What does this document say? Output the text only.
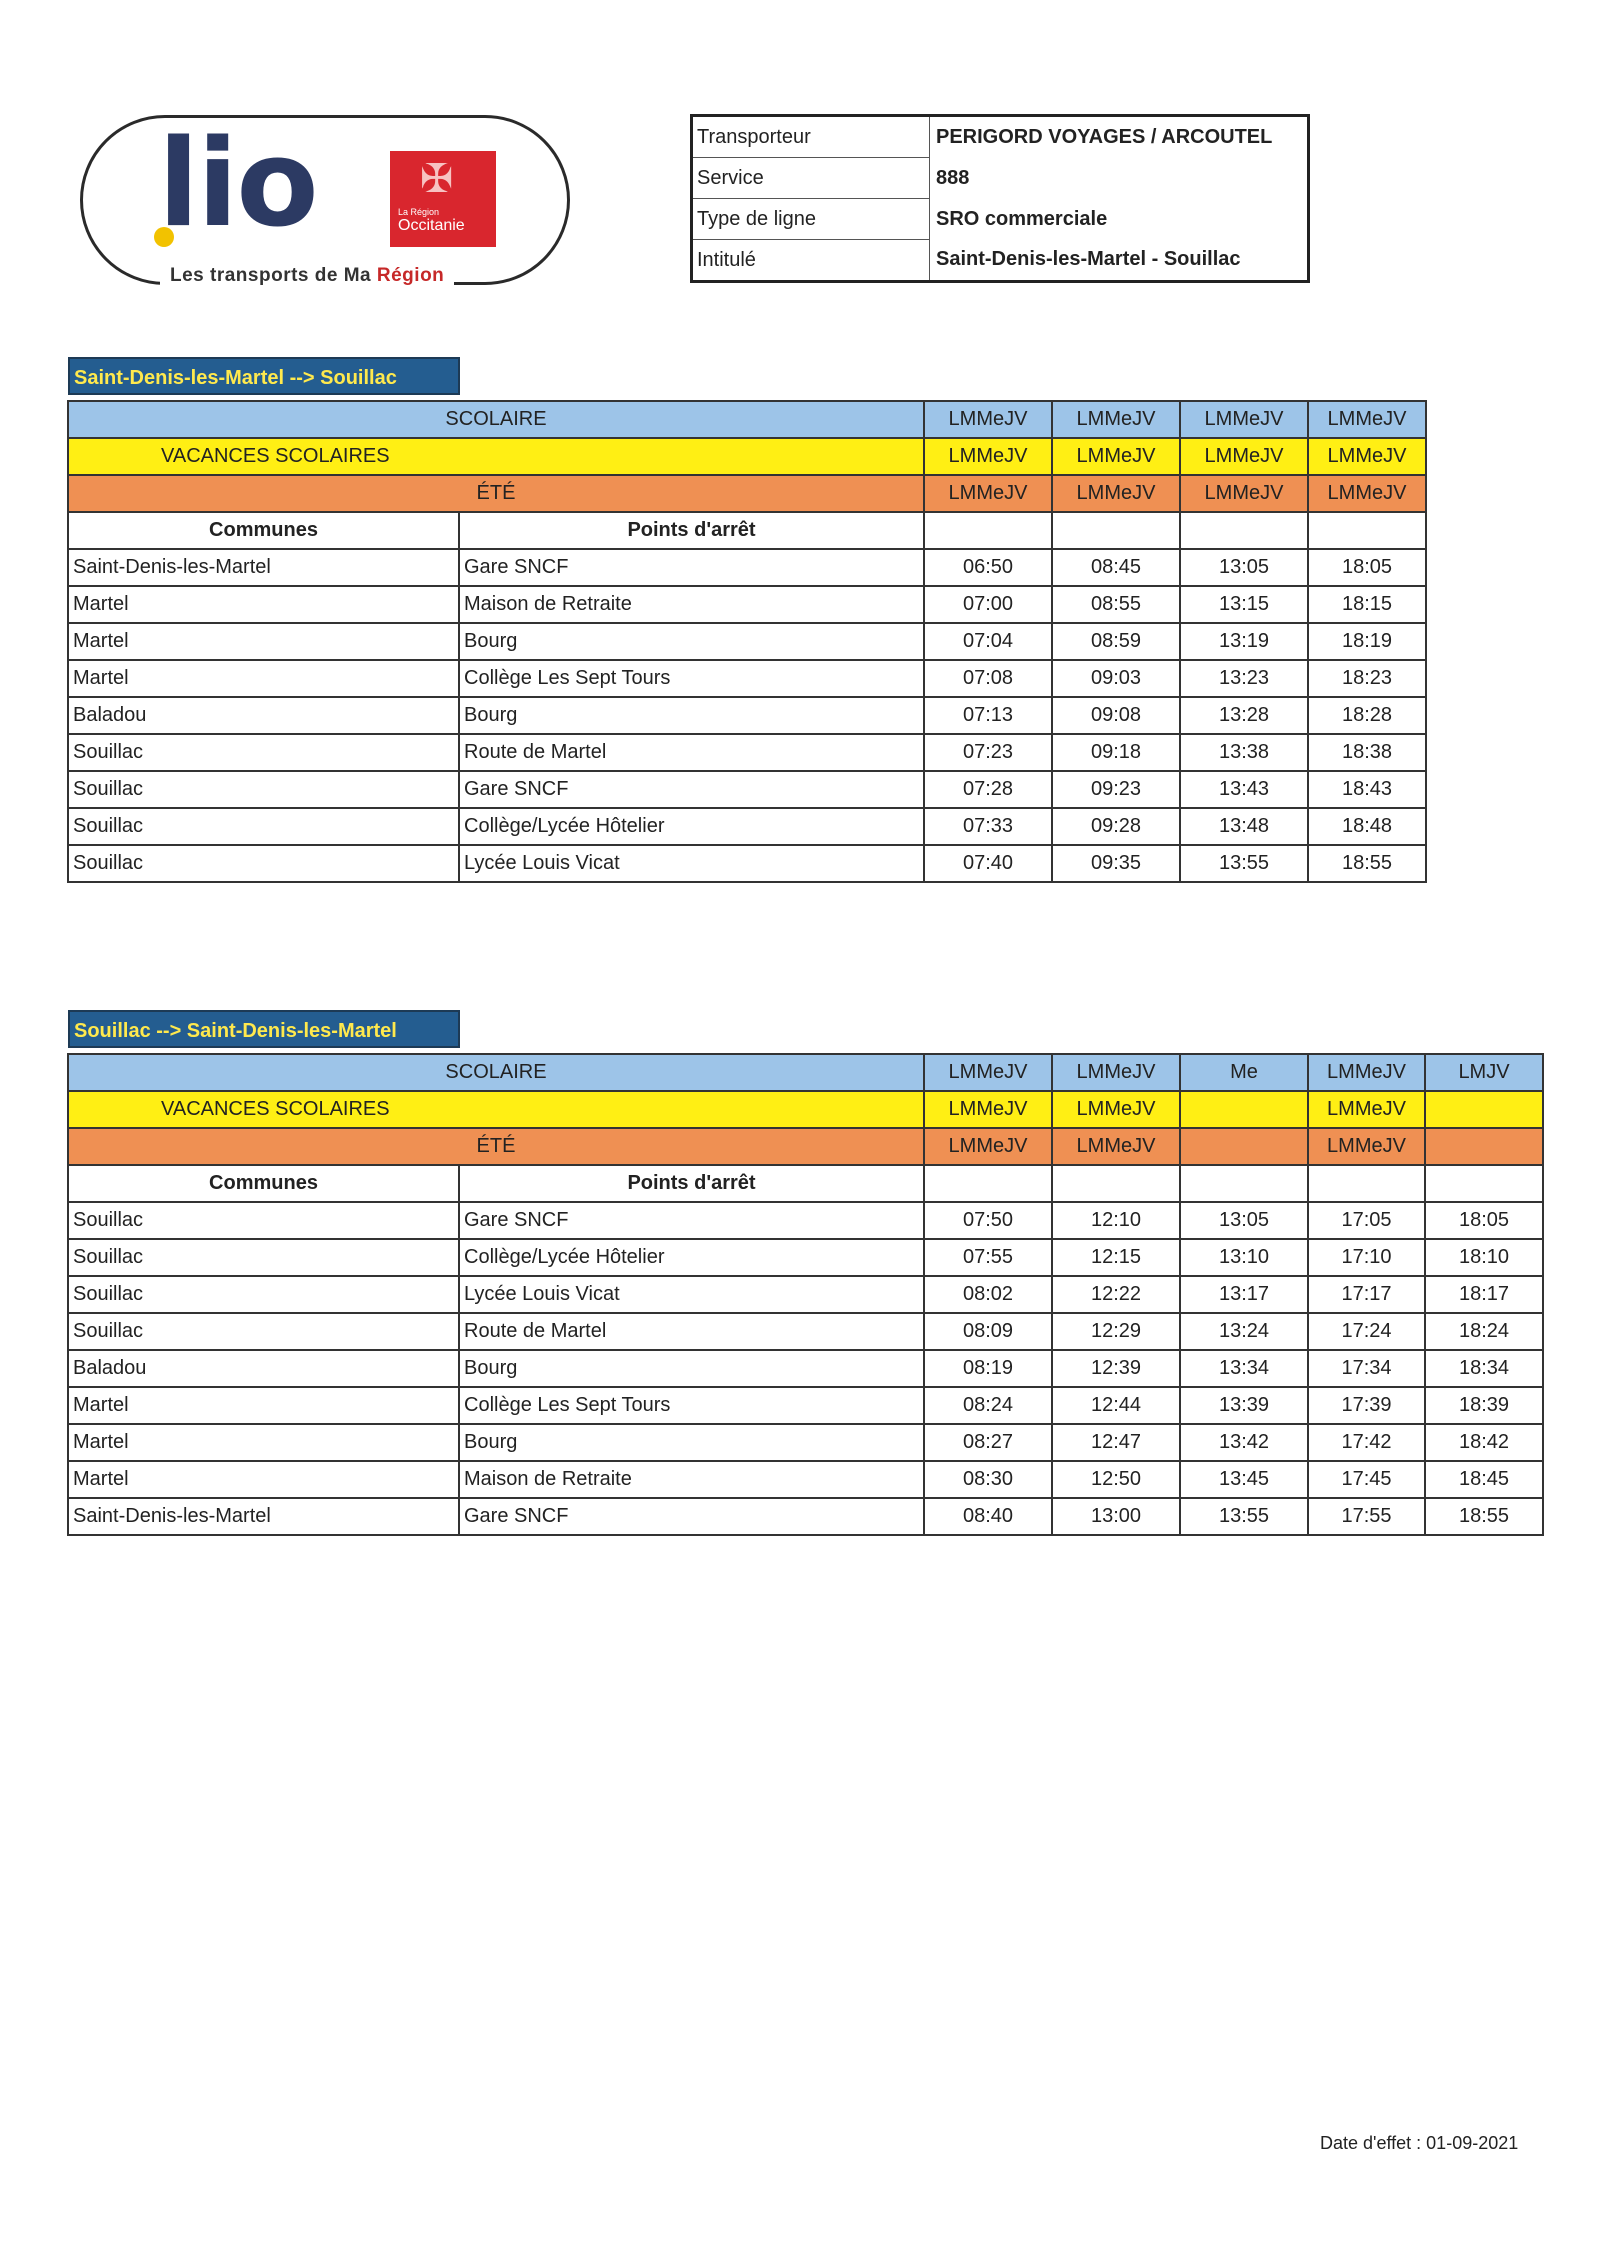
lio	✠
La Région
Occitanie
Les transports de Ma Région
Transporteur	PERIGORD VOYAGES / ARCOUTEL
Service	888
Type de ligne	SRO commerciale
Intitulé	Saint-Denis-les-Martel - Souillac
Saint-Denis-les-Martel --> Souillac
SCOLAIRE		LMMeJV	LMMeJV	LMMeJV	LMMeJV
VACANCES SCOLAIRES		LMMeJV	LMMeJV	LMMeJV	LMMeJV
ÉTÉ		LMMeJV	LMMeJV	LMMeJV	LMMeJV
Communes	Points d'arrêt				
Saint-Denis-les-Martel	Gare SNCF	06:50	08:45	13:05	18:05
Martel	Maison de Retraite	07:00	08:55	13:15	18:15
Martel	Bourg	07:04	08:59	13:19	18:19
Martel	Collège Les Sept Tours	07:08	09:03	13:23	18:23
Baladou	Bourg	07:13	09:08	13:28	18:28
Souillac	Route de Martel	07:23	09:18	13:38	18:38
Souillac	Gare SNCF	07:28	09:23	13:43	18:43
Souillac	Collège/Lycée Hôtelier	07:33	09:28	13:48	18:48
Souillac	Lycée Louis Vicat	07:40	09:35	13:55	18:55
Souillac --> Saint-Denis-les-Martel
SCOLAIRE		LMMeJV	LMMeJV	Me	LMMeJV	LMJV
VACANCES SCOLAIRES		LMMeJV	LMMeJV		LMMeJV	
ÉTÉ		LMMeJV	LMMeJV		LMMeJV	
Communes	Points d'arrêt					
Souillac	Gare SNCF	07:50	12:10	13:05	17:05	18:05
Souillac	Collège/Lycée Hôtelier	07:55	12:15	13:10	17:10	18:10
Souillac	Lycée Louis Vicat	08:02	12:22	13:17	17:17	18:17
Souillac	Route de Martel	08:09	12:29	13:24	17:24	18:24
Baladou	Bourg	08:19	12:39	13:34	17:34	18:34
Martel	Collège Les Sept Tours	08:24	12:44	13:39	17:39	18:39
Martel	Bourg	08:27	12:47	13:42	17:42	18:42
Martel	Maison de Retraite	08:30	12:50	13:45	17:45	18:45
Saint-Denis-les-Martel	Gare SNCF	08:40	13:00	13:55	17:55	18:55
Date d'effet : 01-09-2021
